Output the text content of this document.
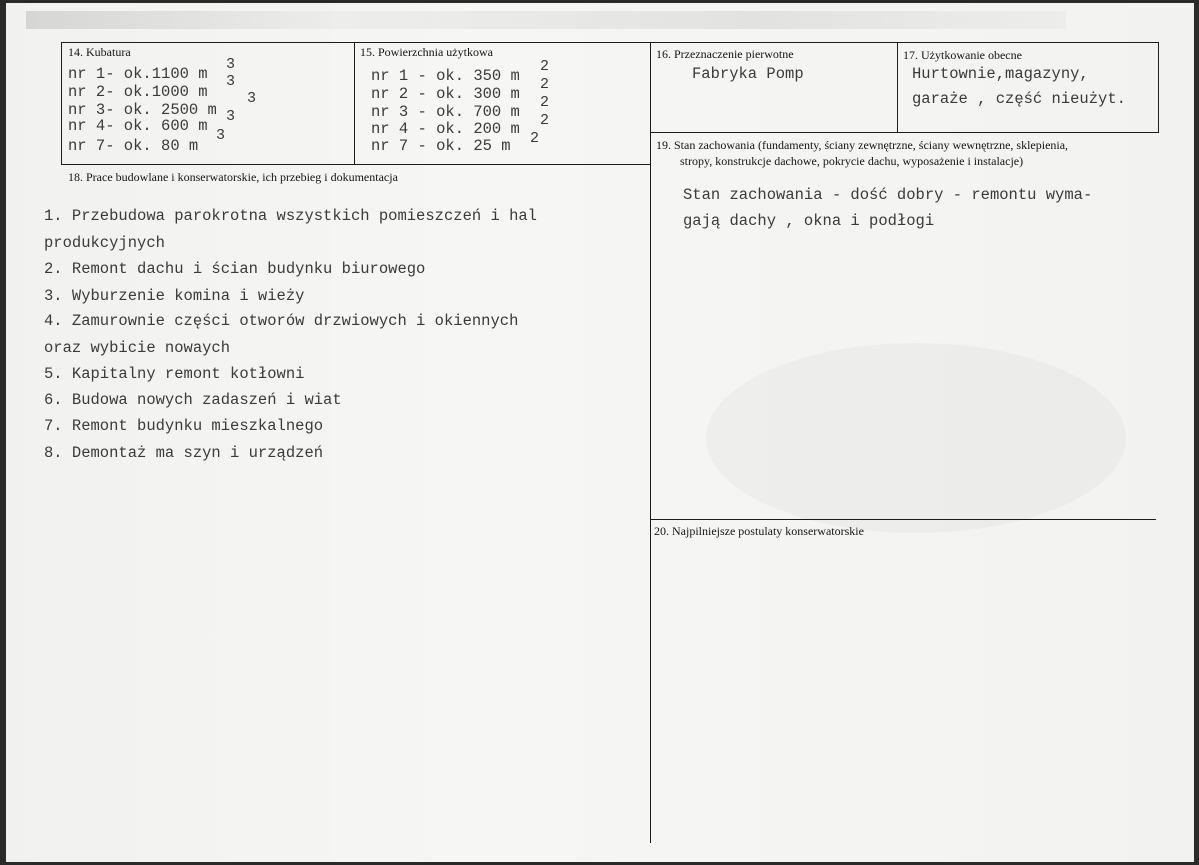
14. Kubatura
nr 1- ok.1100 m
nr 2- ok.1000 m
nr 3- ok. 2500 m
nr 4- ok. 600 m
nr 7- ok. 80 m
3
3
3
3
3
15. Powierzchnia użytkowa
nr 1 - ok. 350 m
nr 2 - ok. 300 m
nr 3 - ok. 700 m
nr 4 - ok. 200 m
nr 7 - ok. 25 m
2
2
2
2
2
16. Przeznaczenie pierwotne
Fabryka Pomp
17. Użytkowanie obecne
Hurtownie,magazyny,
garaże , część nieużyt.
18. Prace budowlane i konserwatorskie, ich przebieg i dokumentacja
1. Przebudowa parokrotna wszystkich pomieszczeń i hal
produkcyjnych
2. Remont dachu i ścian budynku biurowego
3. Wyburzenie komina i wieży
4. Zamurownie części otworów drzwiowych i okiennych
oraz wybicie nowaych
5. Kapitalny remont kotłowni
6. Budowa nowych zadaszeń i wiat
7. Remont budynku mieszkalnego
8. Demontaż ma szyn i urządzeń
19. Stan zachowania (fundamenty, ściany zewnętrzne, ściany wewnętrzne, sklepienia,
stropy, konstrukcje dachowe, pokrycie dachu, wyposażenie i instalacje)
Stan zachowania - dość dobry - remontu wyma-
gają dachy , okna i podłogi
20. Najpilniejsze postulaty konserwatorskie
